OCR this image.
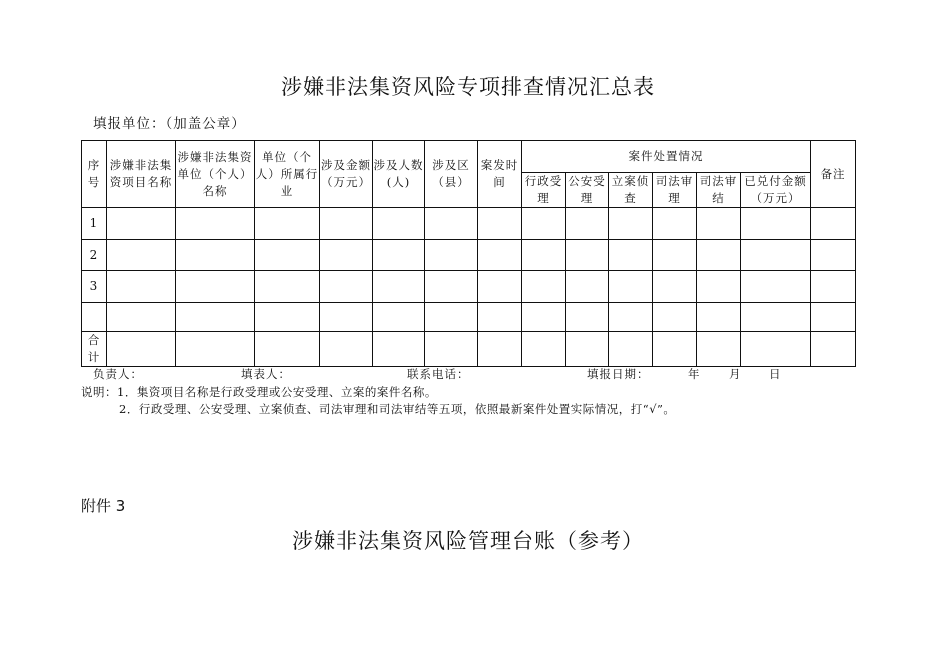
涉嫌非法集资风险专项排查情况汇总表
填报单位：（加盖公章）
序号	涉嫌非法集资项目名称	涉嫌非法集资单位（个人）名称	单位（个人）所属行业	涉及金额（万元）	涉及人数(人)	涉及区（县）	案发时间	案件处置情况						备注
								行政受理	公安受理	立案侦查	司法审理	司法审结	已兑付金额（万元）	
1														
2														
3														

合计														
负责人：	填表人：	联系电话：	填报日期：	年 月 日
说明：1．集资项目名称是行政受理或公安受理、立案的案件名称。
2．行政受理、公安受理、立案侦查、司法审理和司法审结等五项，依照最新案件处置实际情况，打“√”。
附件 3
涉嫌非法集资风险管理台账（参考）
